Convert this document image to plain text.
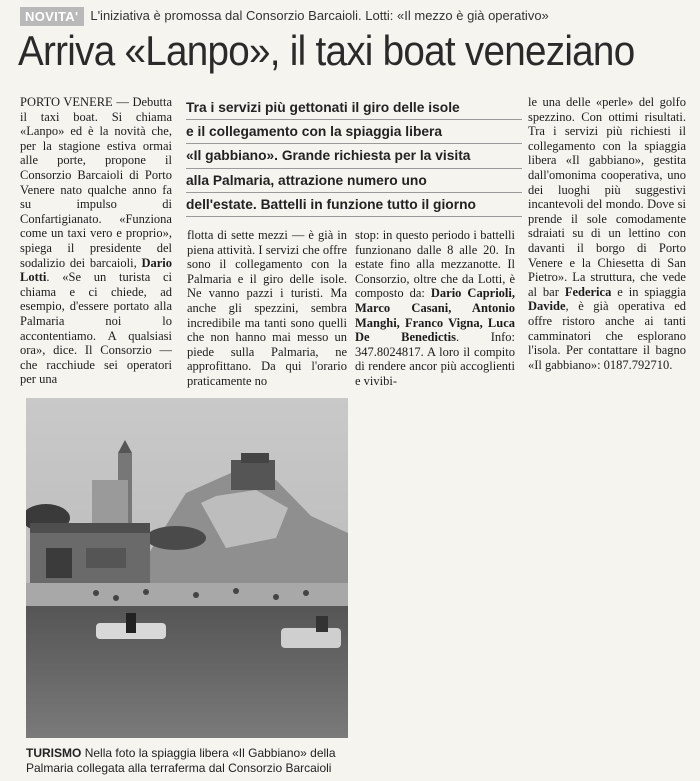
NOVITA' L'iniziativa è promossa dal Consorzio Barcaioli. Lotti: «Il mezzo è già operativo»
Arriva «Lanpo», il taxi boat veneziano

PORTO VENERE — Debutta il taxi boat. Si chiama «Lanpo» ed è la novità che, per la stagione estiva ormai alle porte, propone il Consorzio Barcaioli di Porto Venere nato qualche anno fa su impulso di Confartigianato. «Funziona come un taxi vero e proprio», spiega il presidente del sodalizio dei barcaioli, Dario Lotti. «Se un turista ci chiama e ci chiede, ad esempio, d'essere portato alla Palmaria noi lo accontentiamo. A qualsiasi ora», dice. Il Consorzio — che racchiude sei operatori per una

Tra i servizi più gettonati il giro delle isole
e il collegamento con la spiaggia libera
«Il gabbiano». Grande richiesta per la visita
alla Palmaria, attrazione numero uno
dell'estate. Battelli in funzione tutto il giorno

flotta di sette mezzi — è già in piena attività. I servizi che offre sono il collegamento con la Palmaria e il giro delle isole. Ne vanno pazzi i turisti. Ma anche gli spezzini, sembra incredibile ma tanti sono quelli che non hanno mai messo un piede sulla Palmaria, ne approfittano. Da qui l'orario praticamente no

stop: in questo periodo i battelli funzionano dalle 8 alle 20. In estate fino alla mezzanotte. Il Consorzio, oltre che da Lotti, è composto da: Dario Caprioli, Marco Casani, Antonio Manghi, Franco Vigna, Luca De Benedictis. Info: 347.8024817. A loro il compito di rendere ancor più accoglienti e vivibi-

le una delle «perle» del golfo spezzino. Con ottimi risultati. Tra i servizi più richiesti il collegamento con la spiaggia libera «Il gabbiano», gestita dall'omonima cooperativa, uno dei luoghi più suggestivi incantevoli del mondo. Dove si prende il sole comodamente sdraiati su di un lettino con davanti il borgo di Porto Venere e la Chiesetta di San Pietro». La struttura, che vede al bar Federica e in spiaggia Davide, è già operativa ed offre ristoro anche ai tanti camminatori che esplorano l'isola. Per contattare il bagno «Il gabbiano»: 0187.792710.

TURISMO Nella foto la spiaggia libera «Il Gabbiano» della Palmaria collegata alla terraferma dal Consorzio Barcaioli
